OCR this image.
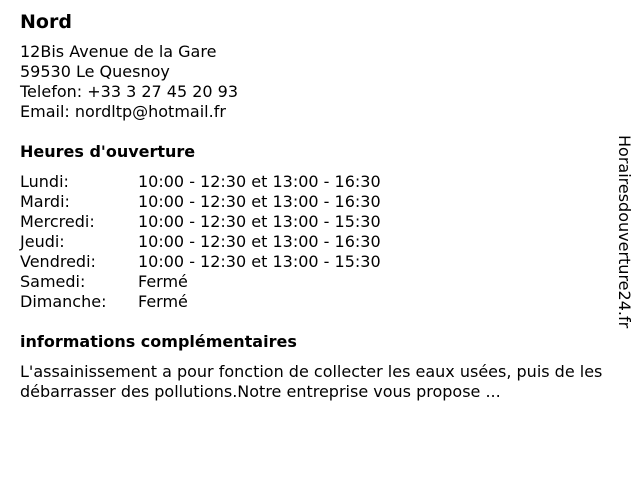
Nord
12Bis Avenue de la Gare
59530 Le Quesnoy
Telefon: +33 3 27 45 20 93
Email: nordltp@hotmail.fr
Heures d'ouverture
Lundi:	10:00 - 12:30 et 13:00 - 16:30
Mardi:	10:00 - 12:30 et 13:00 - 16:30
Mercredi:	10:00 - 12:30 et 13:00 - 15:30
Jeudi:	10:00 - 12:30 et 13:00 - 16:30
Vendredi:	10:00 - 12:30 et 13:00 - 15:30
Samedi:	Fermé
Dimanche:	Fermé
informations complémentaires
L'assainissement a pour fonction de collecter les eaux usées, puis de les débarrasser des pollutions.Notre entreprise vous propose ...
Horairesdouverture24.fr
